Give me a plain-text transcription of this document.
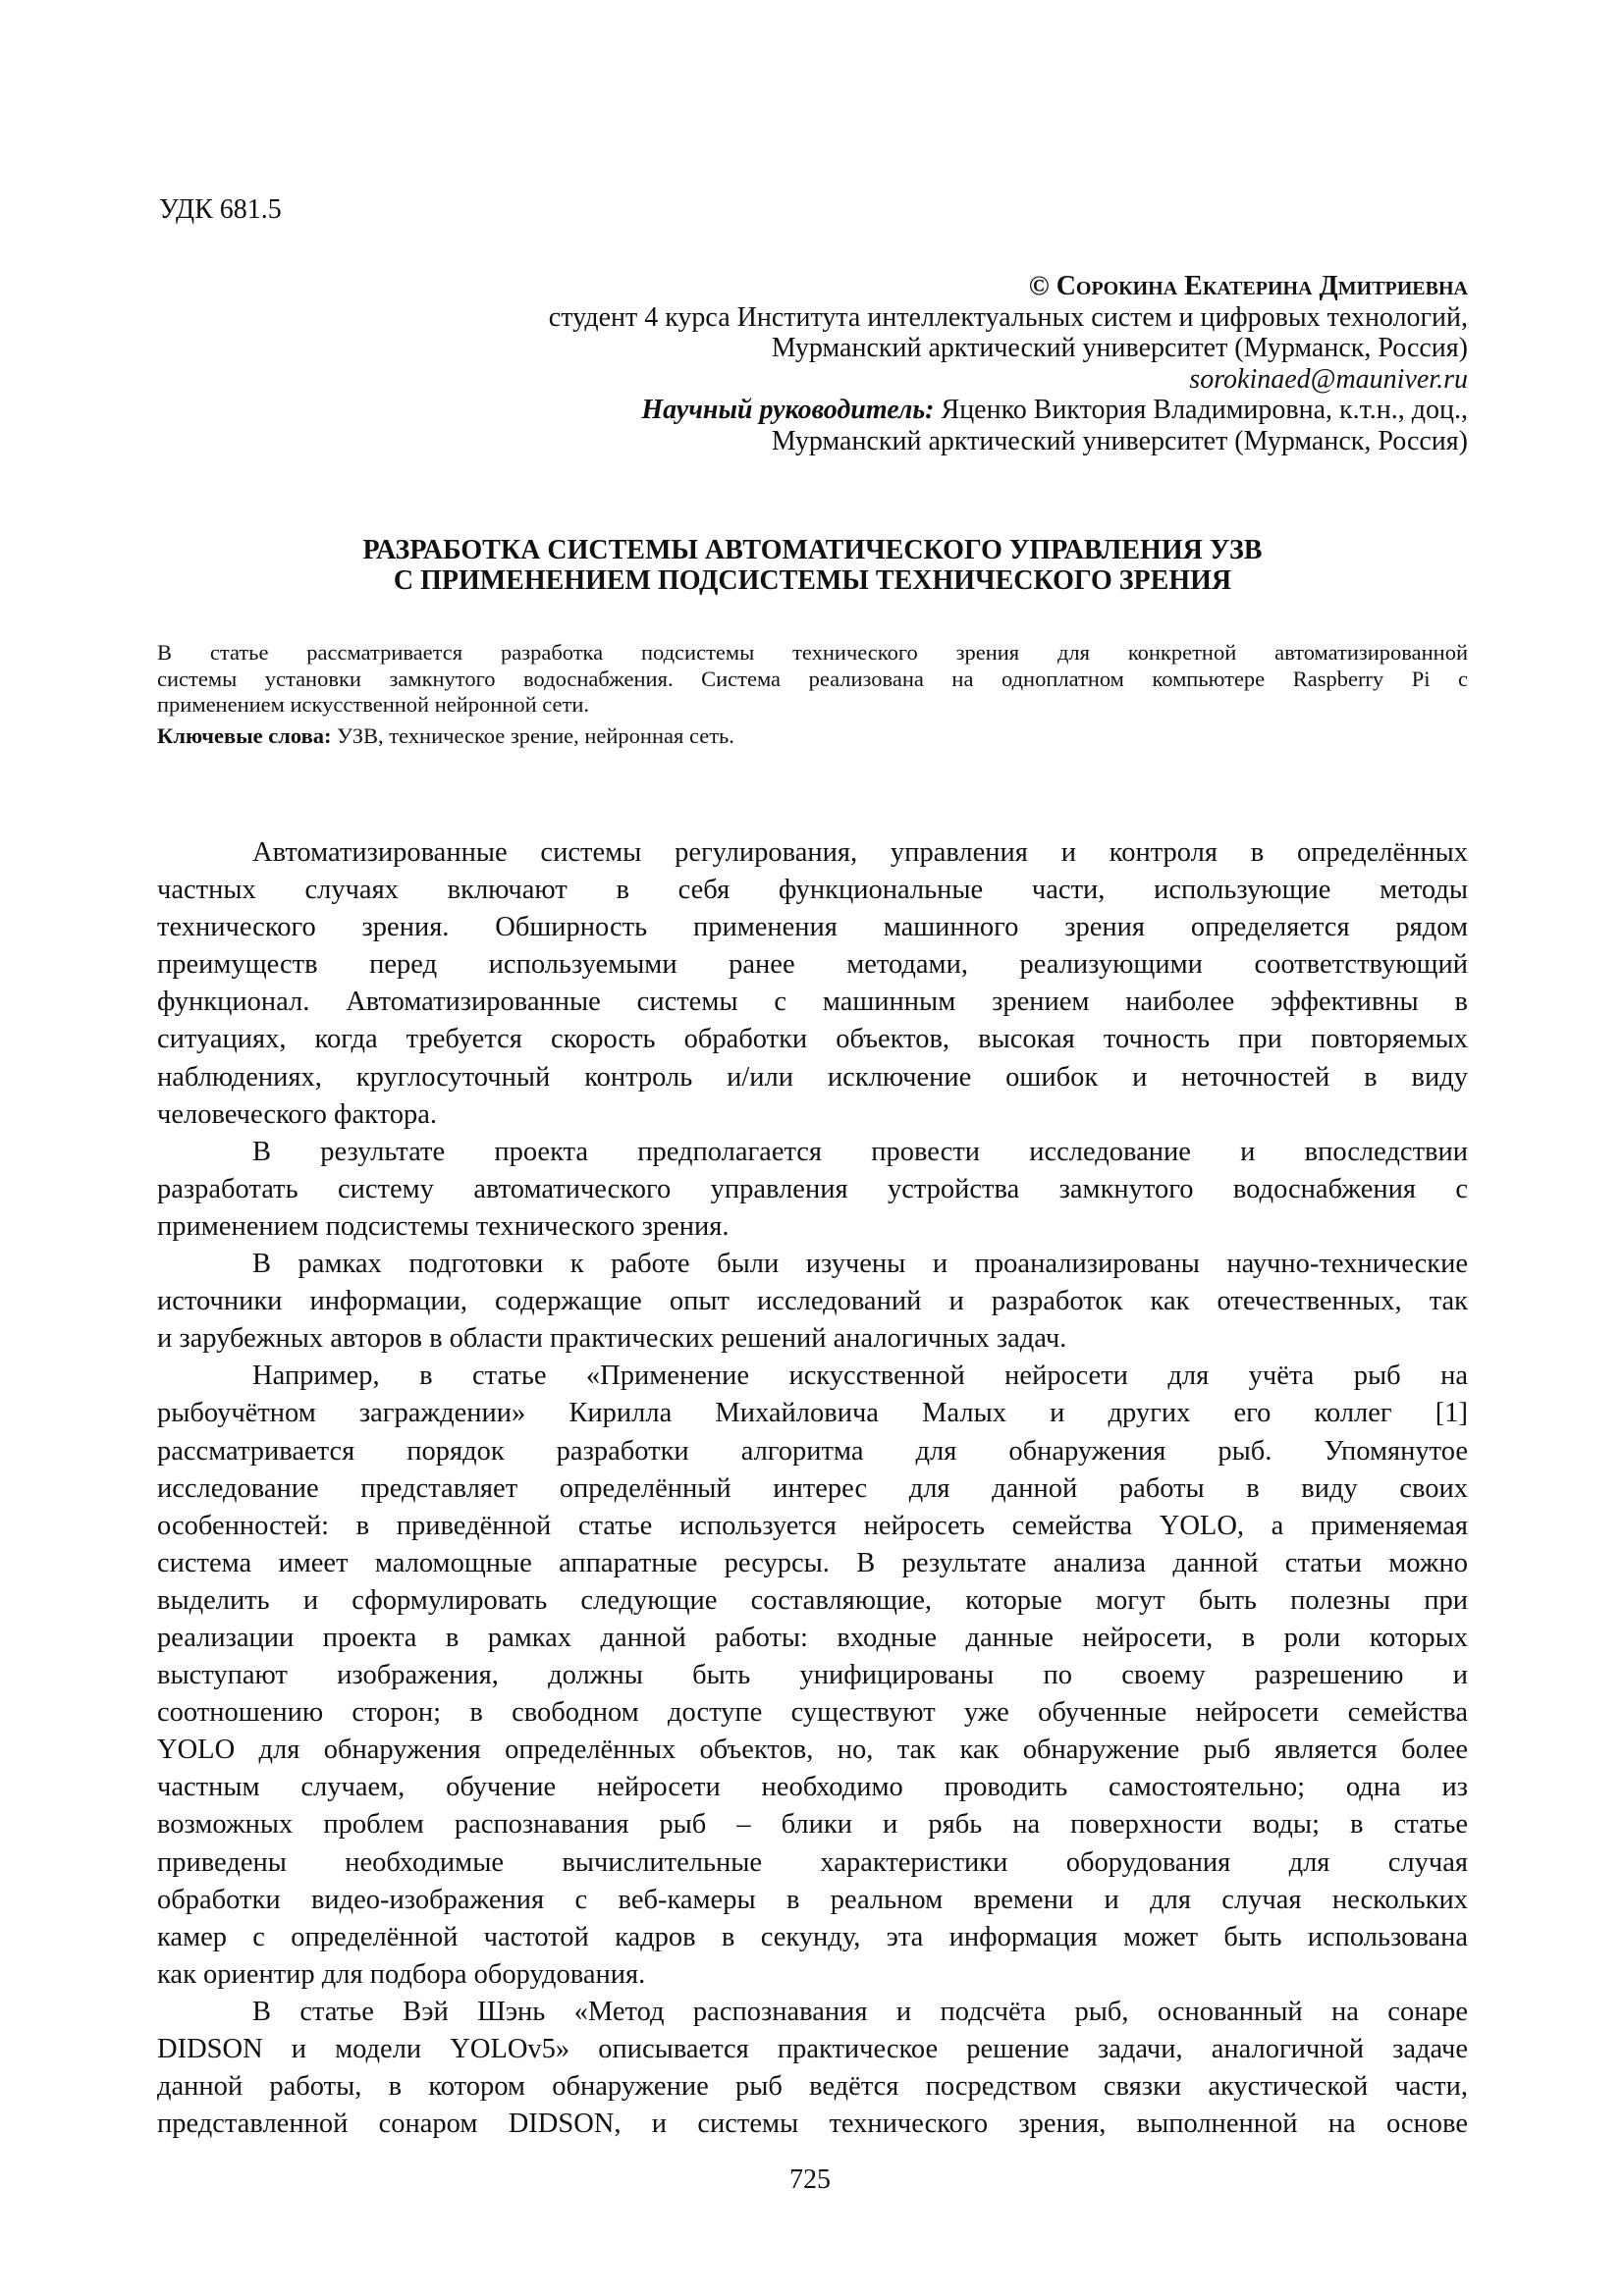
УДК 681.5
© Сорокина Екатерина Дмитриевна
студент 4 курса Института интеллектуальных систем и цифровых технологий,
Мурманский арктический университет (Мурманск, Россия)
sorokinaed@mauniver.ru
Научный руководитель: Яценко Виктория Владимировна, к.т.н., доц.,
Мурманский арктический университет (Мурманск, Россия)
РАЗРАБОТКА СИСТЕМЫ АВТОМАТИЧЕСКОГО УПРАВЛЕНИЯ УЗВ
С ПРИМЕНЕНИЕМ ПОДСИСТЕМЫ ТЕХНИЧЕСКОГО ЗРЕНИЯ
В статье рассматривается разработка подсистемы технического зрения для конкретной автоматизированной
системы установки замкнутого водоснабжения. Система реализована на одноплатном компьютере Raspberry Pi с
применением искусственной нейронной сети.
Ключевые слова: УЗВ, техническое зрение, нейронная сеть.
Автоматизированные системы регулирования, управления и контроля в определённых
частных случаях включают в себя функциональные части, использующие методы
технического зрения. Обширность применения машинного зрения определяется рядом
преимуществ перед используемыми ранее методами, реализующими соответствующий
функционал. Автоматизированные системы с машинным зрением наиболее эффективны в
ситуациях, когда требуется скорость обработки объектов, высокая точность при повторяемых
наблюдениях, круглосуточный контроль и/или исключение ошибок и неточностей в виду
человеческого фактора.
В результате проекта предполагается провести исследование и впоследствии
разработать систему автоматического управления устройства замкнутого водоснабжения с
применением подсистемы технического зрения.
В рамках подготовки к работе были изучены и проанализированы научно-технические
источники информации, содержащие опыт исследований и разработок как отечественных, так
и зарубежных авторов в области практических решений аналогичных задач.
Например, в статье «Применение искусственной нейросети для учёта рыб на
рыбоучётном заграждении» Кирилла Михайловича Малых и других его коллег [1]
рассматривается порядок разработки алгоритма для обнаружения рыб. Упомянутое
исследование представляет определённый интерес для данной работы в виду своих
особенностей: в приведённой статье используется нейросеть семейства YOLO, а применяемая
система имеет маломощные аппаратные ресурсы. В результате анализа данной статьи можно
выделить и сформулировать следующие составляющие, которые могут быть полезны при
реализации проекта в рамках данной работы: входные данные нейросети, в роли которых
выступают изображения, должны быть унифицированы по своему разрешению и
соотношению сторон; в свободном доступе существуют уже обученные нейросети семейства
YOLO для обнаружения определённых объектов, но, так как обнаружение рыб является более
частным случаем, обучение нейросети необходимо проводить самостоятельно; одна из
возможных проблем распознавания рыб – блики и рябь на поверхности воды; в статье
приведены необходимые вычислительные характеристики оборудования для случая
обработки видео-изображения с веб-камеры в реальном времени и для случая нескольких
камер с определённой частотой кадров в секунду, эта информация может быть использована
как ориентир для подбора оборудования.
В статье Вэй Шэнь «Метод распознавания и подсчёта рыб, основанный на сонаре
DIDSON и модели YOLOv5» описывается практическое решение задачи, аналогичной задаче
данной работы, в котором обнаружение рыб ведётся посредством связки акустической части,
представленной сонаром DIDSON, и системы технического зрения, выполненной на основе
725
